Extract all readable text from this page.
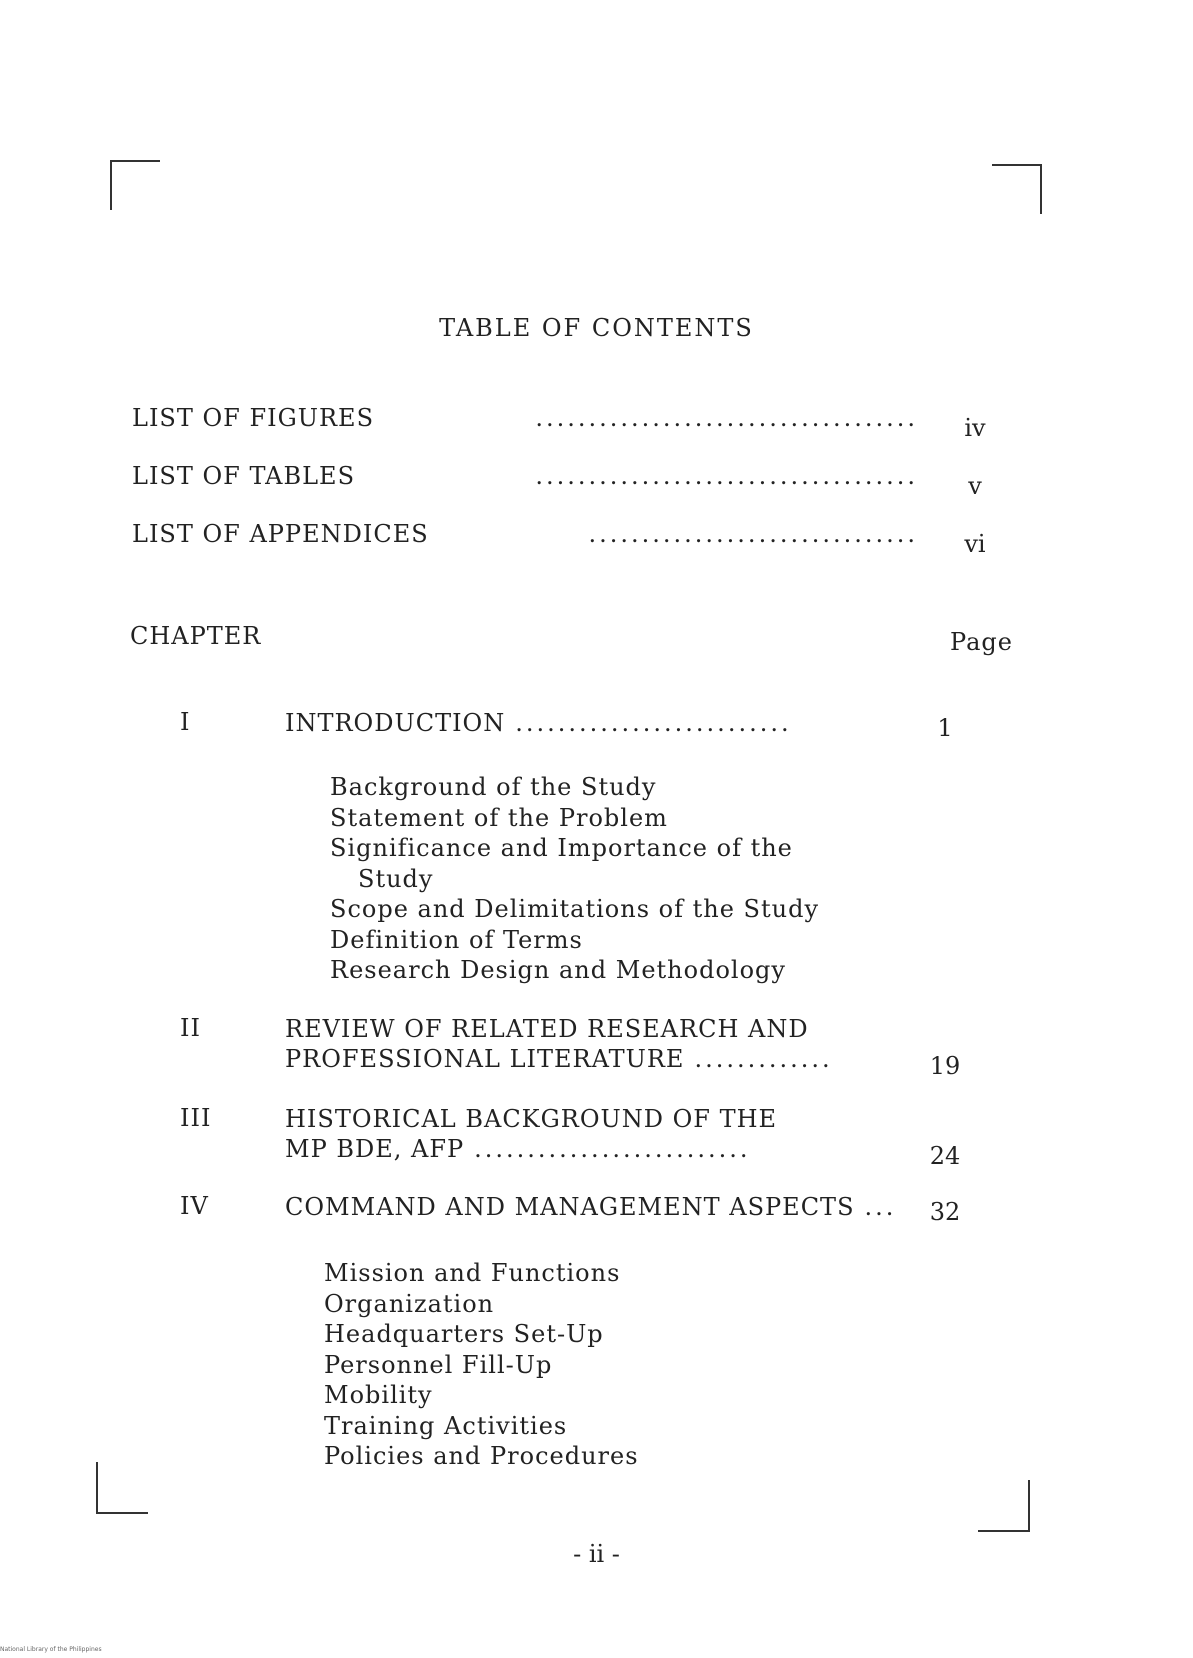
TABLE OF CONTENTS
LIST OF FIGURES	....................................	iv
LIST OF TABLES	....................................	v
LIST OF APPENDICES	...............................	vi
CHAPTER	Page
I	INTRODUCTION ..........................	1
Background of the Study
Statement of the Problem
Significance and Importance of the
Study
Scope and Delimitations of the Study
Definition of Terms
Research Design and Methodology
II	REVIEW OF RELATED RESEARCH AND
PROFESSIONAL LITERATURE .............	19
III	HISTORICAL BACKGROUND OF THE
MP BDE, AFP ..........................	24
IV	COMMAND AND MANAGEMENT ASPECTS ...	32
Mission and Functions
Organization
Headquarters Set-Up
Personnel Fill-Up
Mobility
Training Activities
Policies and Procedures
- ii -
National Library of the Philippines
